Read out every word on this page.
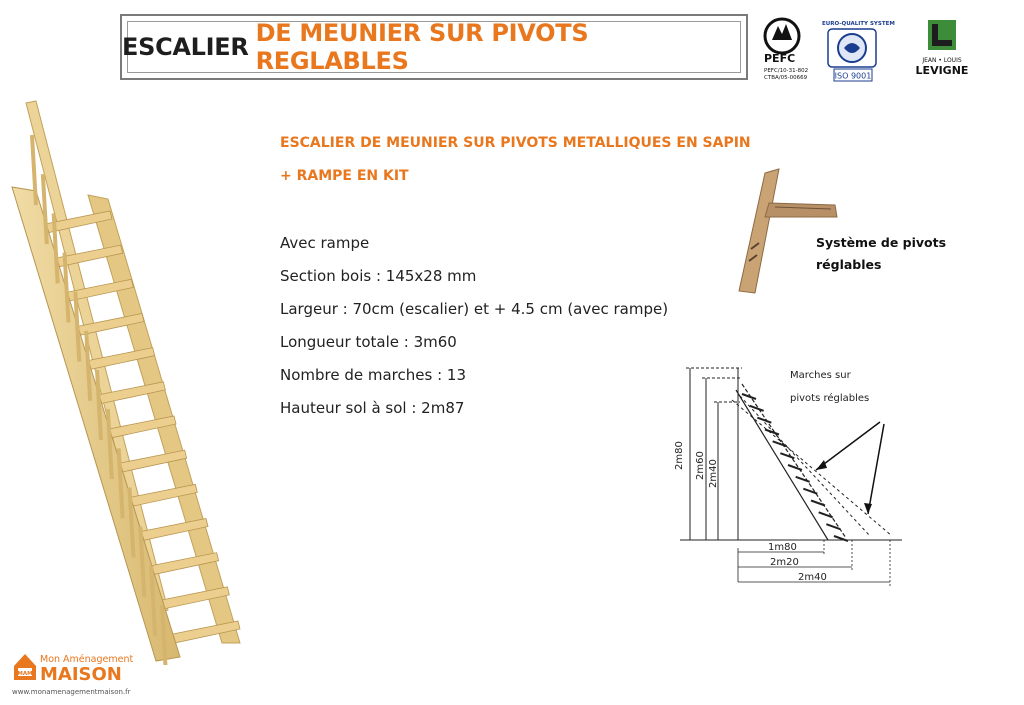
ESCALIER DE MEUNIER SUR PIVOTS REGLABLES	PEFC
PEFC/10-31-802
CTBA/05-00669
EURO-QUALITY SYSTEM
ISO 9001
JEAN • LOUIS
LEVIGNE
ESCALIER DE MEUNIER SUR PIVOTS METALLIQUES EN SAPIN
+ RAMPE EN KIT
Avec rampe
Section bois : 145x28 mm
Largeur : 70cm (escalier) et + 4.5 cm (avec rampe)
Longueur totale : 3m60
Nombre de marches : 13
Hauteur sol à sol : 2m87
Système de pivots
réglables
2m80 2m60 2m40
1m80
2m20
2m40
Marches sur
pivots réglables
MAM
Mon Aménagement
MAISON
www.monamenagementmaison.fr
